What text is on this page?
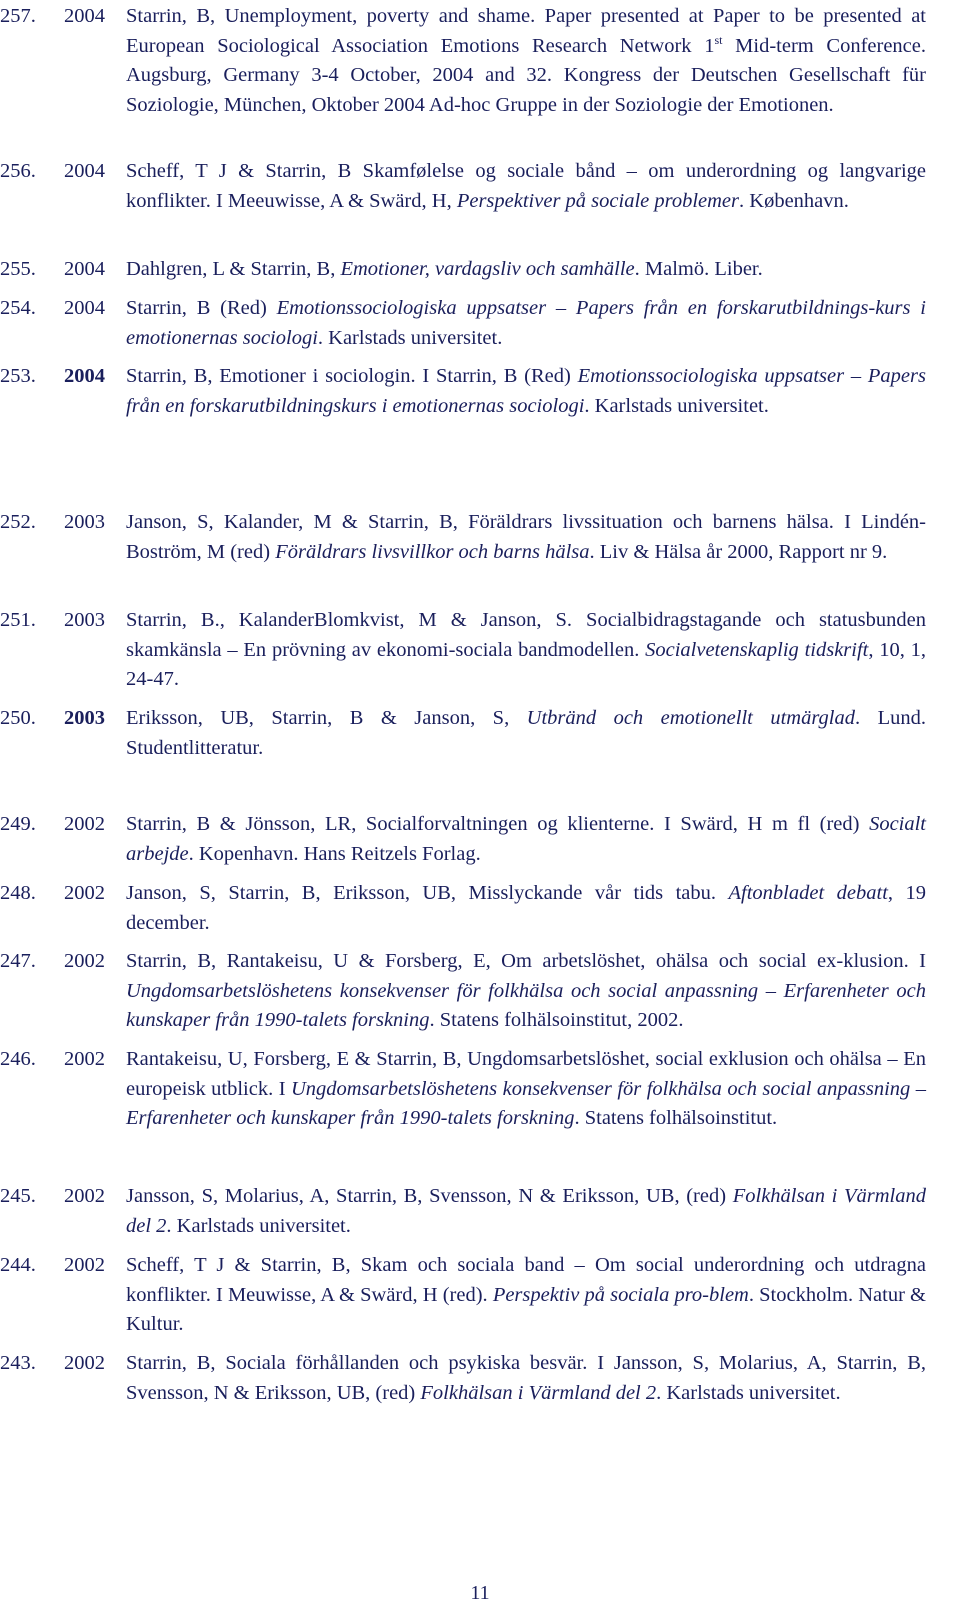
257.	2004	Starrin, B, Unemployment, poverty and shame. Paper presented at Paper to be presented at European Sociological Association Emotions Research Network 1st Mid-term Conference. Augsburg, Germany 3-4 October, 2004 and 32. Kongress der Deutschen Gesellschaft für Soziologie, München, Oktober 2004 Ad-hoc Gruppe in der Soziologie der Emotionen.
256.	2004	Scheff, T J & Starrin, B Skamfølelse og sociale bånd – om underordning og langvarige konflikter. I Meeuwisse, A & Swärd, H, Perspektiver på sociale problemer. København.
255.	2004	Dahlgren, L & Starrin, B, Emotioner, vardagsliv och samhälle. Malmö. Liber.
254.	2004	Starrin, B (Red) Emotionssociologiska uppsatser – Papers från en forskarutbildnings-kurs i emotionernas sociologi. Karlstads universitet.
253.	2004	Starrin, B, Emotioner i sociologin. I Starrin, B (Red) Emotionssociologiska uppsatser – Papers från en forskarutbildningskurs i emotionernas sociologi. Karlstads universitet.
252.	2003	Janson, S, Kalander, M & Starrin, B, Föräldrars livssituation och barnens hälsa. I Lindén-Boström, M (red) Föräldrars livsvillkor och barns hälsa. Liv & Hälsa år 2000, Rapport nr 9.
251.	2003	Starrin, B., KalanderBlomkvist, M & Janson, S. Socialbidragstagande och statusbunden skamkänsla – En prövning av ekonomi-sociala bandmodellen. Socialvetenskaplig tidskrift, 10, 1, 24-47.
250.	2003	Eriksson, UB, Starrin, B & Janson, S, Utbränd och emotionellt utmärglad. Lund. Studentlitteratur.
249.	2002	Starrin, B & Jönsson, LR, Socialforvaltningen og klienterne. I Swärd, H m fl (red) Socialt arbejde. Kopenhavn. Hans Reitzels Forlag.
248.	2002	Janson, S, Starrin, B, Eriksson, UB, Misslyckande vår tids tabu. Aftonbladet debatt, 19 december.
247.	2002	Starrin, B, Rantakeisu, U & Forsberg, E, Om arbetslöshet, ohälsa och social ex-klusion. I Ungdomsarbetslöshetens konsekvenser för folkhälsa och social anpassning – Erfarenheter och kunskaper från 1990-talets forskning. Statens folhälsoinstitut, 2002.
246.	2002	Rantakeisu, U, Forsberg, E & Starrin, B, Ungdomsarbetslöshet, social exklusion och ohälsa – En europeisk utblick. I Ungdomsarbetslöshetens konsekvenser för folkhälsa och social anpassning – Erfarenheter och kunskaper från 1990-talets forskning. Statens folhälsoinstitut.
245.	2002	Jansson, S, Molarius, A, Starrin, B, Svensson, N & Eriksson, UB, (red) Folkhälsan i Värmland del 2. Karlstads universitet.
244.	2002	Scheff, T J & Starrin, B, Skam och sociala band – Om social underordning och utdragna konflikter. I Meuwisse, A & Swärd, H (red). Perspektiv på sociala pro-blem. Stockholm. Natur & Kultur.
243.	2002	Starrin, B, Sociala förhållanden och psykiska besvär. I Jansson, S, Molarius, A, Starrin, B, Svensson, N & Eriksson, UB, (red) Folkhälsan i Värmland del 2. Karlstads universitet.
11
